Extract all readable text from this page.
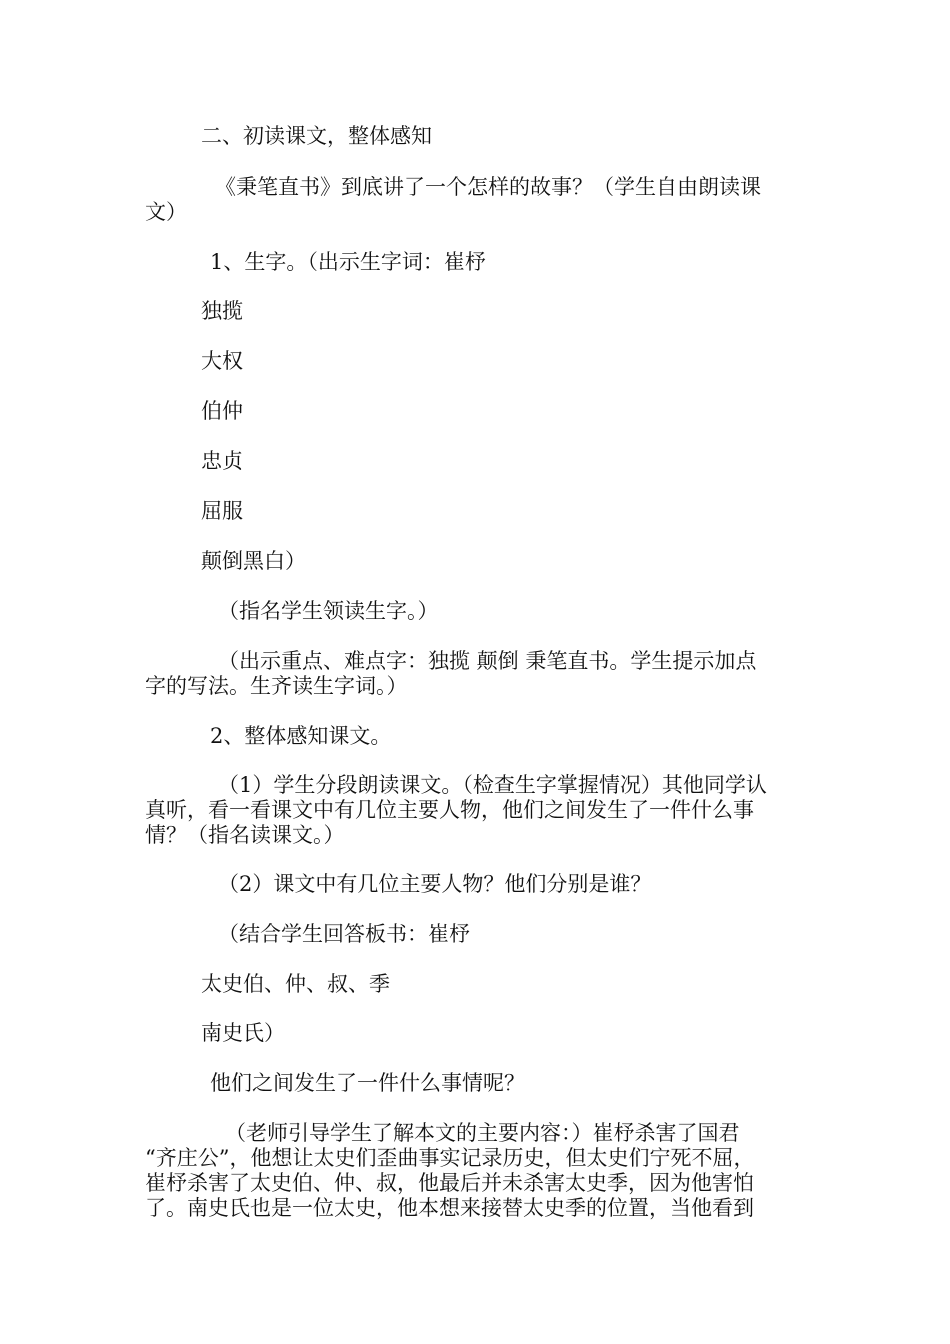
二、初读课文，整体感知
《秉笔直书》到底讲了一个怎样的故事？（学生自由朗读课
文）
1、生字。（出示生字词：崔杼
独揽
大权
伯仲
忠贞
屈服
颠倒黑白）
（指名学生领读生字。）
（出示重点、难点字：独揽 颠倒 秉笔直书。学生提示加点
字的写法。生齐读生字词。）
2、整体感知课文。
（1）学生分段朗读课文。（检查生字掌握情况）其他同学认
真听，看一看课文中有几位主要人物，他们之间发生了一件什么事
情？（指名读课文。）
（2）课文中有几位主要人物？他们分别是谁？
（结合学生回答板书：崔杼
太史伯、仲、叔、季
南史氏）
他们之间发生了一件什么事情呢？
（老师引导学生了解本文的主要内容：）崔杼杀害了国君
“齐庄公”，他想让太史们歪曲事实记录历史，但太史们宁死不屈，
崔杼杀害了太史伯、仲、叔，他最后并未杀害太史季，因为他害怕
了。南史氏也是一位太史，他本想来接替太史季的位置，当他看到
